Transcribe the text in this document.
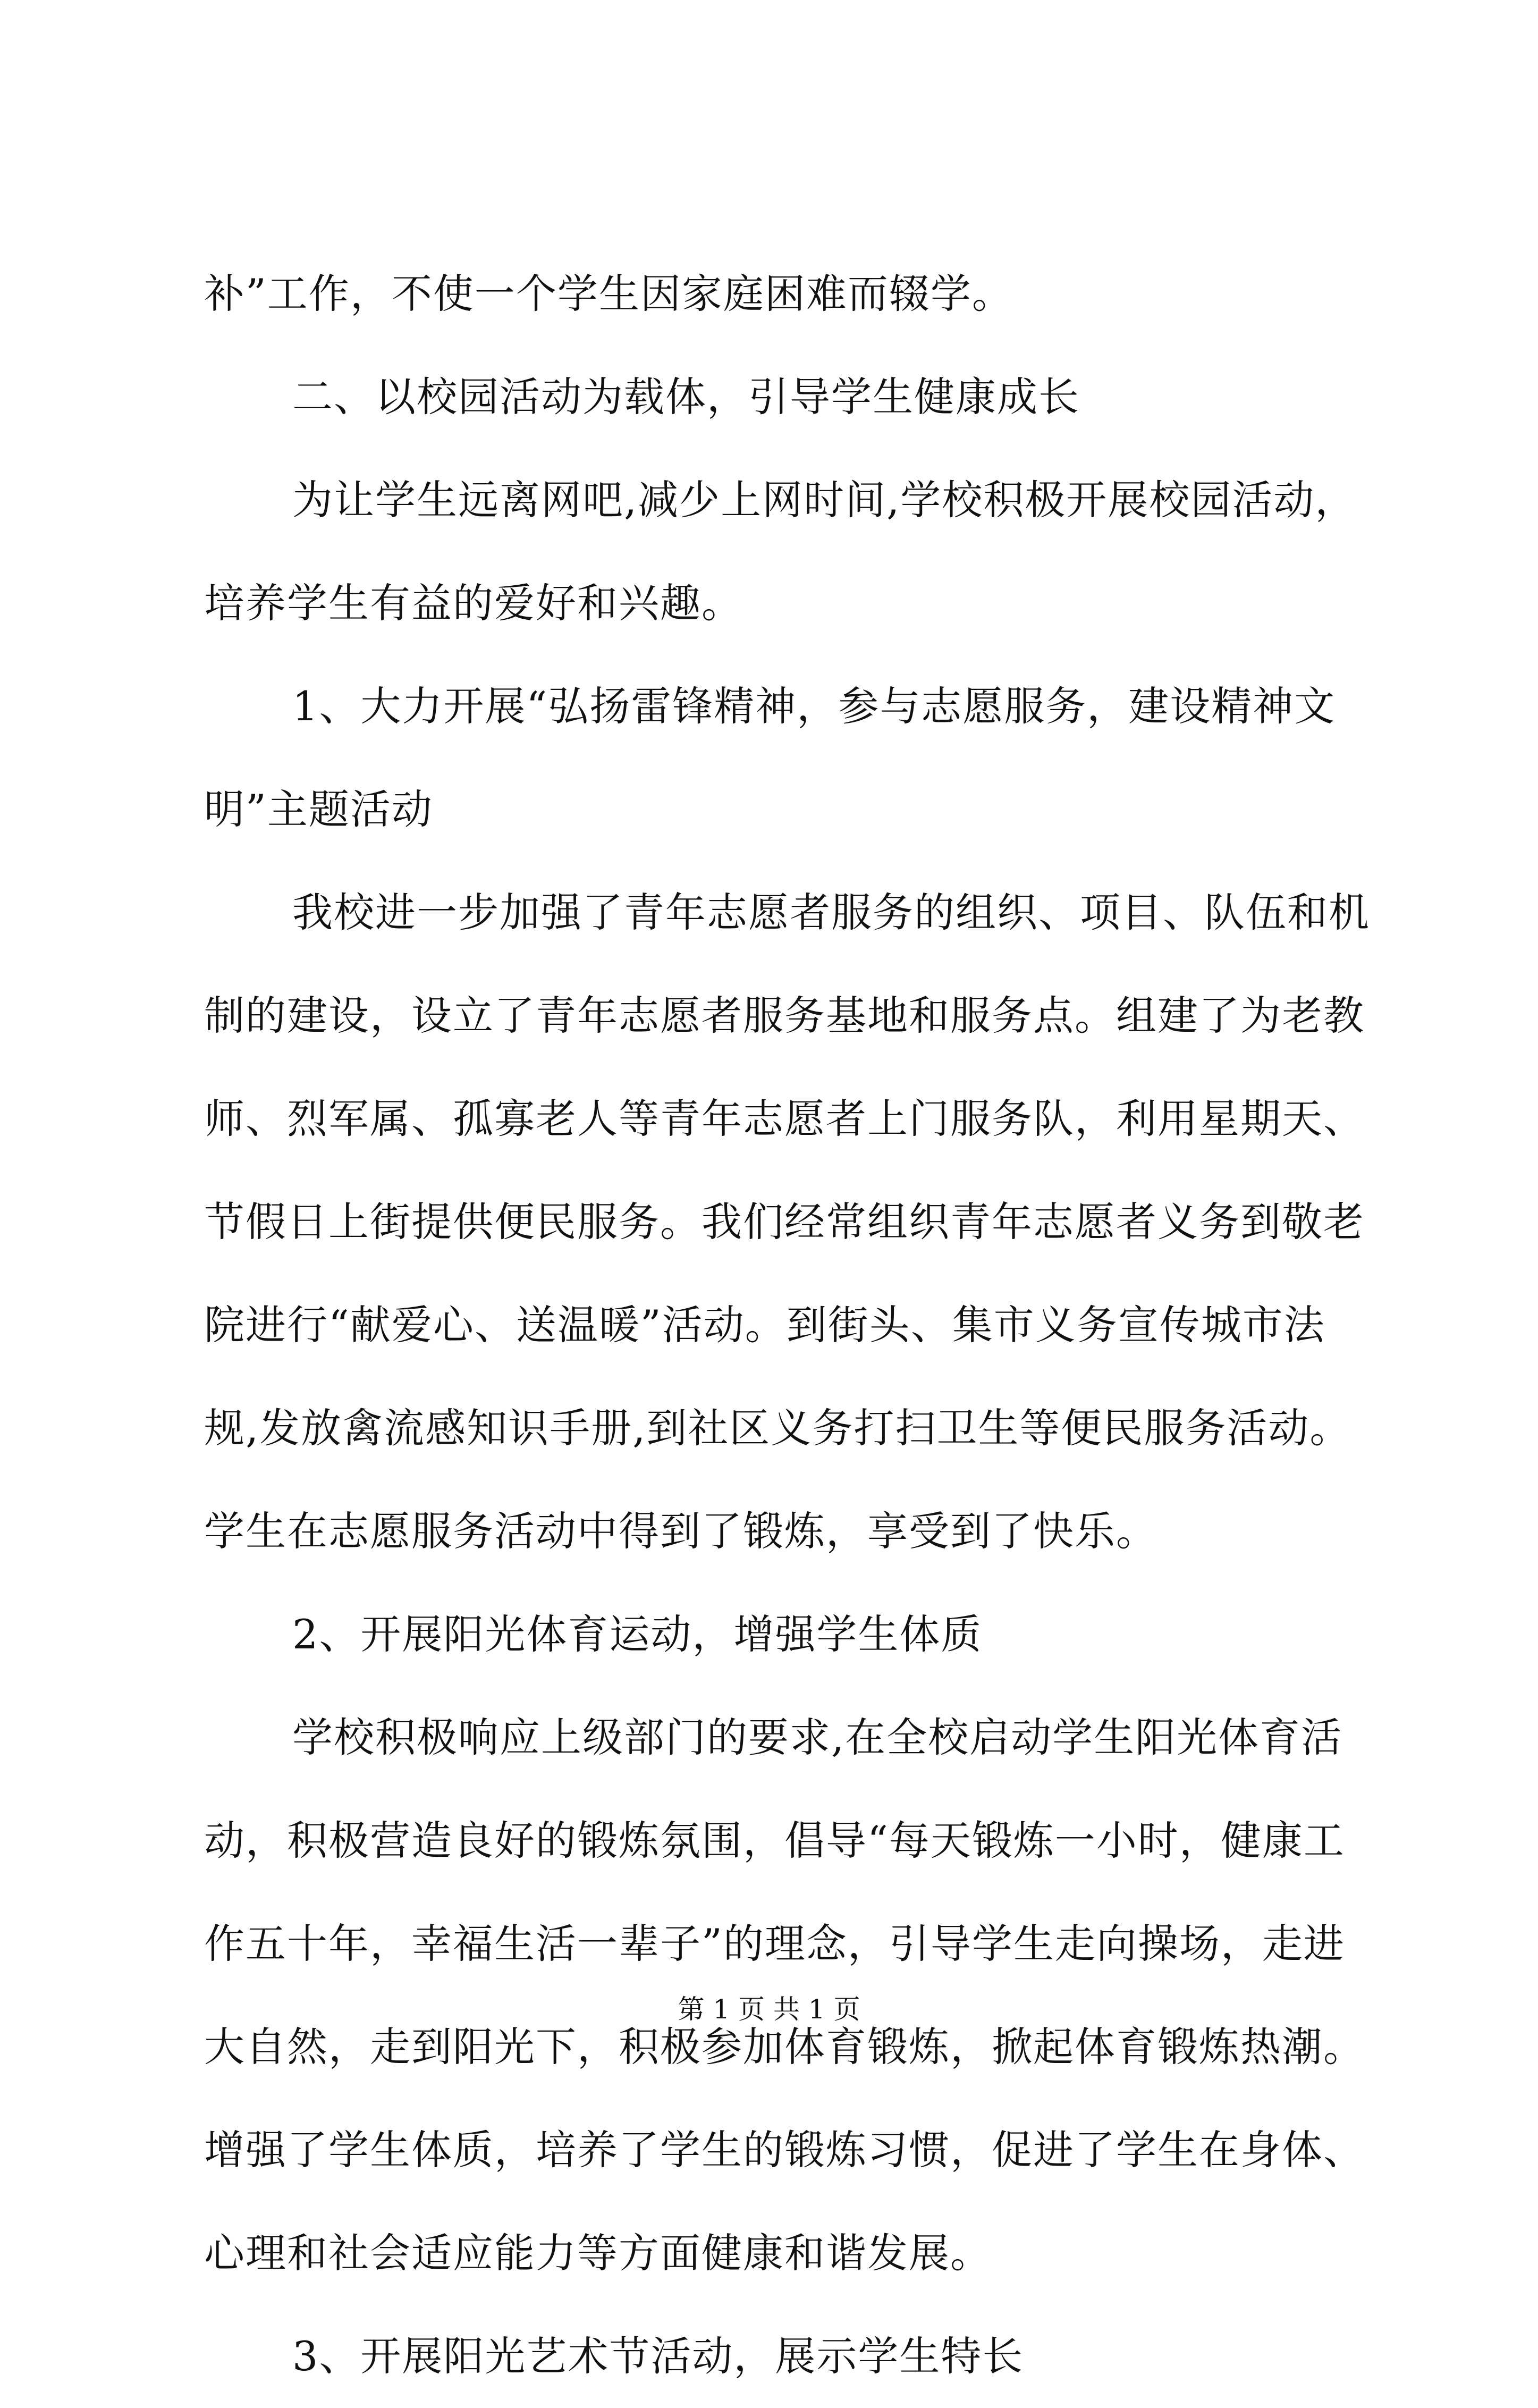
补”工作，不使一个学生因家庭困难而辍学。
二、以校园活动为载体，引导学生健康成长
为让学生远离网吧,减少上网时间,学校积极开展校园活动，
培养学生有益的爱好和兴趣。
1、大力开展“弘扬雷锋精神，参与志愿服务，建设精神文
明”主题活动
我校进一步加强了青年志愿者服务的组织、项目、队伍和机
制的建设，设立了青年志愿者服务基地和服务点。组建了为老教
师、烈军属、孤寡老人等青年志愿者上门服务队，利用星期天、
节假日上街提供便民服务。我们经常组织青年志愿者义务到敬老
院进行“献爱心、送温暖”活动。到街头、集市义务宣传城市法
规,发放禽流感知识手册,到社区义务打扫卫生等便民服务活动。
学生在志愿服务活动中得到了锻炼，享受到了快乐。
2、开展阳光体育运动，增强学生体质
学校积极响应上级部门的要求,在全校启动学生阳光体育活
动，积极营造良好的锻炼氛围，倡导“每天锻炼一小时，健康工
作五十年，幸福生活一辈子”的理念，引导学生走向操场，走进
大自然，走到阳光下，积极参加体育锻炼，掀起体育锻炼热潮。
增强了学生体质，培养了学生的锻炼习惯，促进了学生在身体、
心理和社会适应能力等方面健康和谐发展。
3、开展阳光艺术节活动，展示学生特长
第 1 页 共 1 页
